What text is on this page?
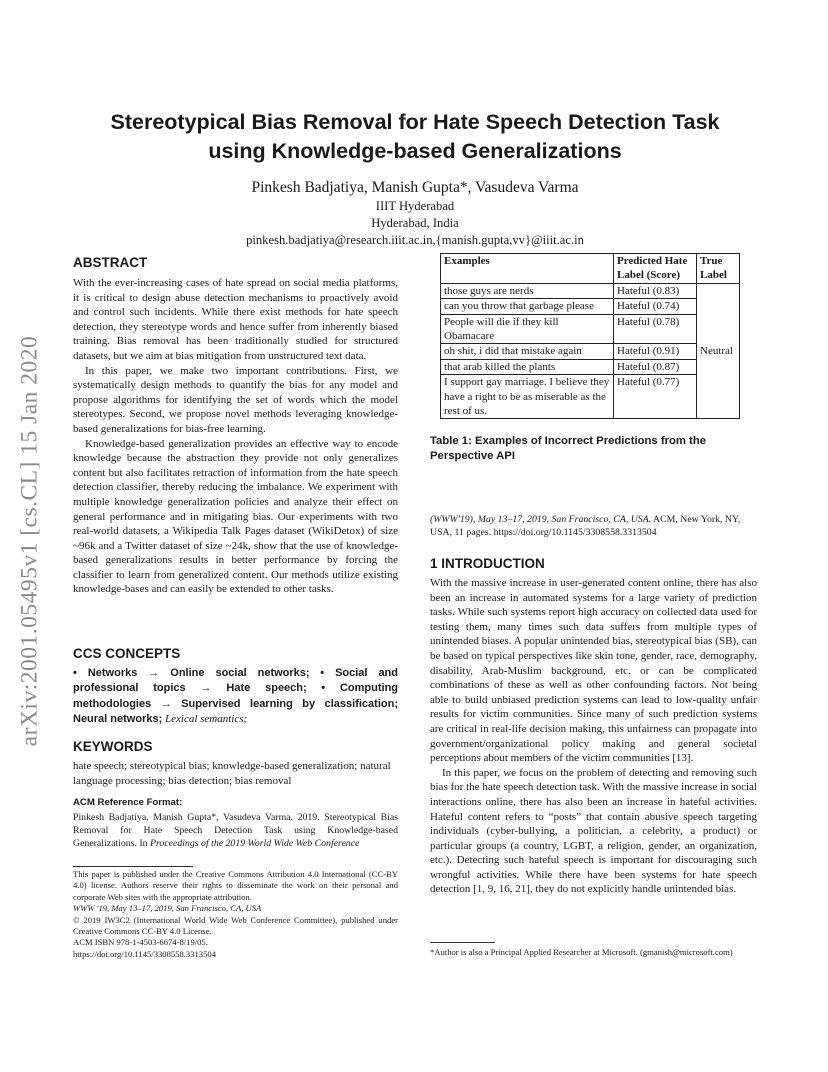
arXiv:2001.05495v1 [cs.CL] 15 Jan 2020
Stereotypical Bias Removal for Hate Speech Detection Task
using Knowledge-based Generalizations
Pinkesh Badjatiya, Manish Gupta*, Vasudeva Varma
IIIT Hyderabad
Hyderabad, India
pinkesh.badjatiya@research.iiit.ac.in,{manish.gupta,vv}@iiit.ac.in
ABSTRACT

With the ever-increasing cases of hate spread on social media platforms, it is critical to design abuse detection mechanisms to proactively avoid and control such incidents. While there exist methods for hate speech detection, they stereotype words and hence suffer from inherently biased training. Bias removal has been traditionally studied for structured datasets, but we aim at bias mitigation from unstructured text data.

In this paper, we make two important contributions. First, we systematically design methods to quantify the bias for any model and propose algorithms for identifying the set of words which the model stereotypes. Second, we propose novel methods leveraging knowledge-based generalizations for bias-free learning.

Knowledge-based generalization provides an effective way to encode knowledge because the abstraction they provide not only generalizes content but also facilitates retraction of information from the hate speech detection classifier, thereby reducing the imbalance. We experiment with multiple knowledge generalization policies and analyze their effect on general performance and in mitigating bias. Our experiments with two real-world datasets, a Wikipedia Talk Pages dataset (WikiDetox) of size ~96k and a Twitter dataset of size ~24k, show that the use of knowledge-based generalizations results in better performance by forcing the classifier to learn from generalized content. Our methods utilize existing knowledge-bases and can easily be extended to other tasks.

CCS CONCEPTS
• Networks → Online social networks; • Social and professional topics → Hate speech; • Computing methodologies → Supervised learning by classification; Neural networks; Lexical semantics;
KEYWORDS
hate speech; stereotypical bias; knowledge-based generalization; natural language processing; bias detection; bias removal
ACM Reference Format:
Pinkesh Badjatiya, Manish Gupta*, Vasudeva Varma. 2019. Stereotypical Bias Removal for Hate Speech Detection Task using Knowledge-based Generalizations. In Proceedings of the 2019 World Wide Web Conference
This paper is published under the Creative Commons Attribution 4.0 International (CC-BY 4.0) license. Authors reserve their rights to disseminate the work on their personal and corporate Web sites with the appropriate attribution.
WWW '19, May 13–17, 2019, San Francisco, CA, USA
© 2019 IW3C2 (International World Wide Web Conference Committee), published under Creative Commons CC-BY 4.0 License.
ACM ISBN 978-1-4503-6674-8/19/05.
https://doi.org/10.1145/3308558.3313504
Examples	Predicted Hate Label (Score)	True Label
those guys are nerds	Hateful (0.83)	Neutral
can you throw that garbage please	Hateful (0.74)	
People will die if they kill Obamacare	Hateful (0.78)	
oh shit, i did that mistake again	Hateful (0.91)	
that arab killed the plants	Hateful (0.87)	
I support gay marriage. I believe they have a right to be as miserable as the rest of us.	Hateful (0.77)	
Table 1: Examples of Incorrect Predictions from the Perspective API
(WWW'19), May 13–17, 2019, San Francisco, CA, USA. ACM, New York, NY, USA, 11 pages. https://doi.org/10.1145/3308558.3313504
1 INTRODUCTION

With the massive increase in user-generated content online, there has also been an increase in automated systems for a large variety of prediction tasks. While such systems report high accuracy on collected data used for testing them, many times such data suffers from multiple types of unintended biases. A popular unintended bias, stereotypical bias (SB), can be based on typical perspectives like skin tone, gender, race, demography, disability, Arab-Muslim background, etc. or can be complicated combinations of these as well as other confounding factors. Not being able to build unbiased prediction systems can lead to low-quality unfair results for victim communities. Since many of such prediction systems are critical in real-life decision making, this unfairness can propagate into government/organizational policy making and general societal perceptions about members of the victim communities [13].

In this paper, we focus on the problem of detecting and removing such bias for the hate speech detection task. With the massive increase in social interactions online, there has also been an increase in hateful activities. Hateful content refers to “posts” that contain abusive speech targeting individuals (cyber-bullying, a politician, a celebrity, a product) or particular groups (a country, LGBT, a religion, gender, an organization, etc.). Detecting such hateful speech is important for discouraging such wrongful activities. While there have been systems for hate speech detection [1, 9, 16, 21], they do not explicitly handle unintended bias.

*Author is also a Principal Applied Researcher at Microsoft. (gmanish@microsoft.com)
